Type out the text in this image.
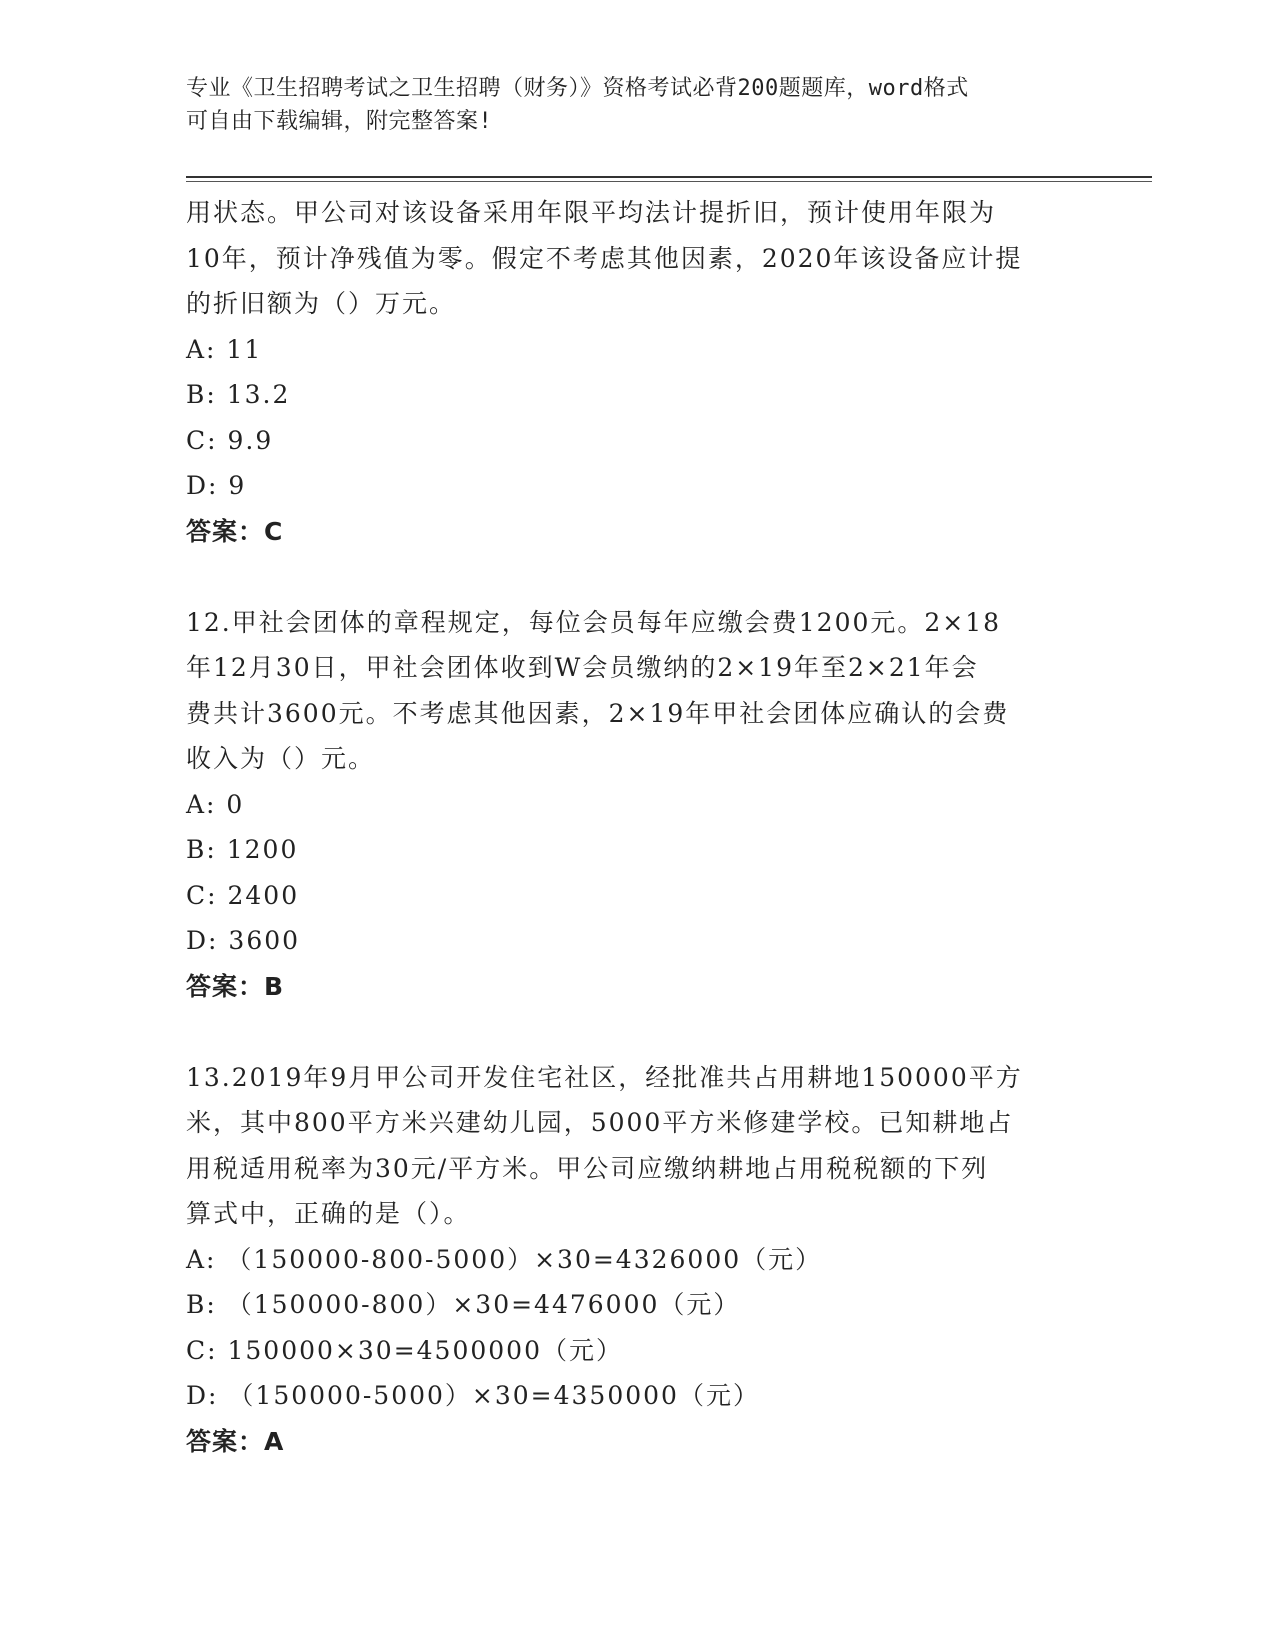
专业《卫生招聘考试之卫生招聘（财务）》资格考试必背200题题库，word格式
可自由下载编辑，附完整答案!
用状态。甲公司对该设备采用年限平均法计提折旧，预计使用年限为
10年，预计净残值为零。假定不考虑其他因素，2020年该设备应计提
的折旧额为（）万元。
A: 11
B: 13.2
C: 9.9
D: 9
答案：C
12.甲社会团体的章程规定，每位会员每年应缴会费1200元。2×18
年12月30日，甲社会团体收到W会员缴纳的2×19年至2×21年会
费共计3600元。不考虑其他因素，2×19年甲社会团体应确认的会费
收入为（）元。
A: 0
B: 1200
C: 2400
D: 3600
答案：B
13.2019年9月甲公司开发住宅社区，经批准共占用耕地150000平方
米，其中800平方米兴建幼儿园，5000平方米修建学校。已知耕地占
用税适用税率为30元/平方米。甲公司应缴纳耕地占用税税额的下列
算式中，正确的是（）。
A: （150000-800-5000）×30=4326000（元）
B: （150000-800）×30=4476000（元）
C: 150000×30=4500000（元）
D: （150000-5000）×30=4350000（元）
答案：A
